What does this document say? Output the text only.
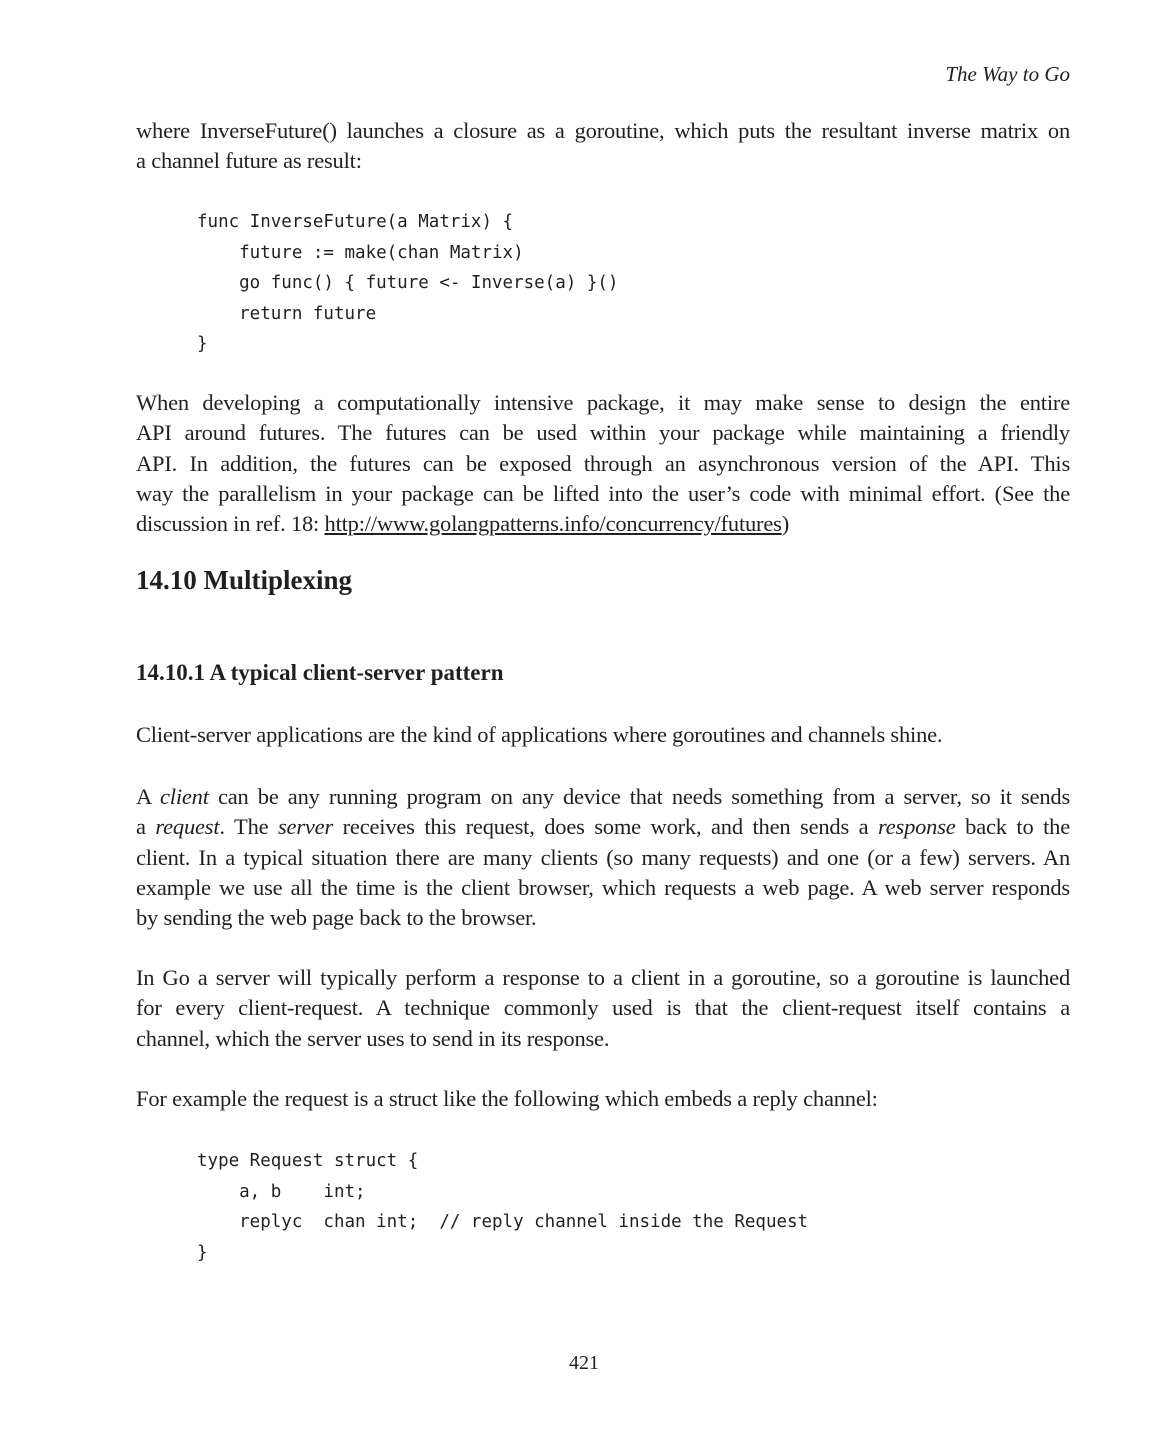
The Way to Go

where InverseFuture() launches a closure as a goroutine, which puts the resultant inverse matrix on
a channel future as result:

func InverseFuture(a Matrix) {
future := make(chan Matrix)
go func() { future <- Inverse(a) }()
return future
}

When developing a computationally intensive package, it may make sense to design the entire
API around futures. The futures can be used within your package while maintaining a friendly
API. In addition, the futures can be exposed through an asynchronous version of the API. This
way the parallelism in your package can be lifted into the user’s code with minimal effort. (See the
discussion in ref. 18: http://www.golangpatterns.info/concurrency/futures)

14.10 Multiplexing
14.10.1 A typical client-server pattern

Client-server applications are the kind of applications where goroutines and channels shine.

A client can be any running program on any device that needs something from a server, so it sends
a request. The server receives this request, does some work, and then sends a response back to the
client. In a typical situation there are many clients (so many requests) and one (or a few) servers. An
example we use all the time is the client browser, which requests a web page. A web server responds
by sending the web page back to the browser.

In Go a server will typically perform a response to a client in a goroutine, so a goroutine is launched
for every client-request. A technique commonly used is that the client-request itself contains a
channel, which the server uses to send in its response.

For example the request is a struct like the following which embeds a reply channel:

type Request struct {
a, b    int;
replyc  chan int;  // reply channel inside the Request
}
421
